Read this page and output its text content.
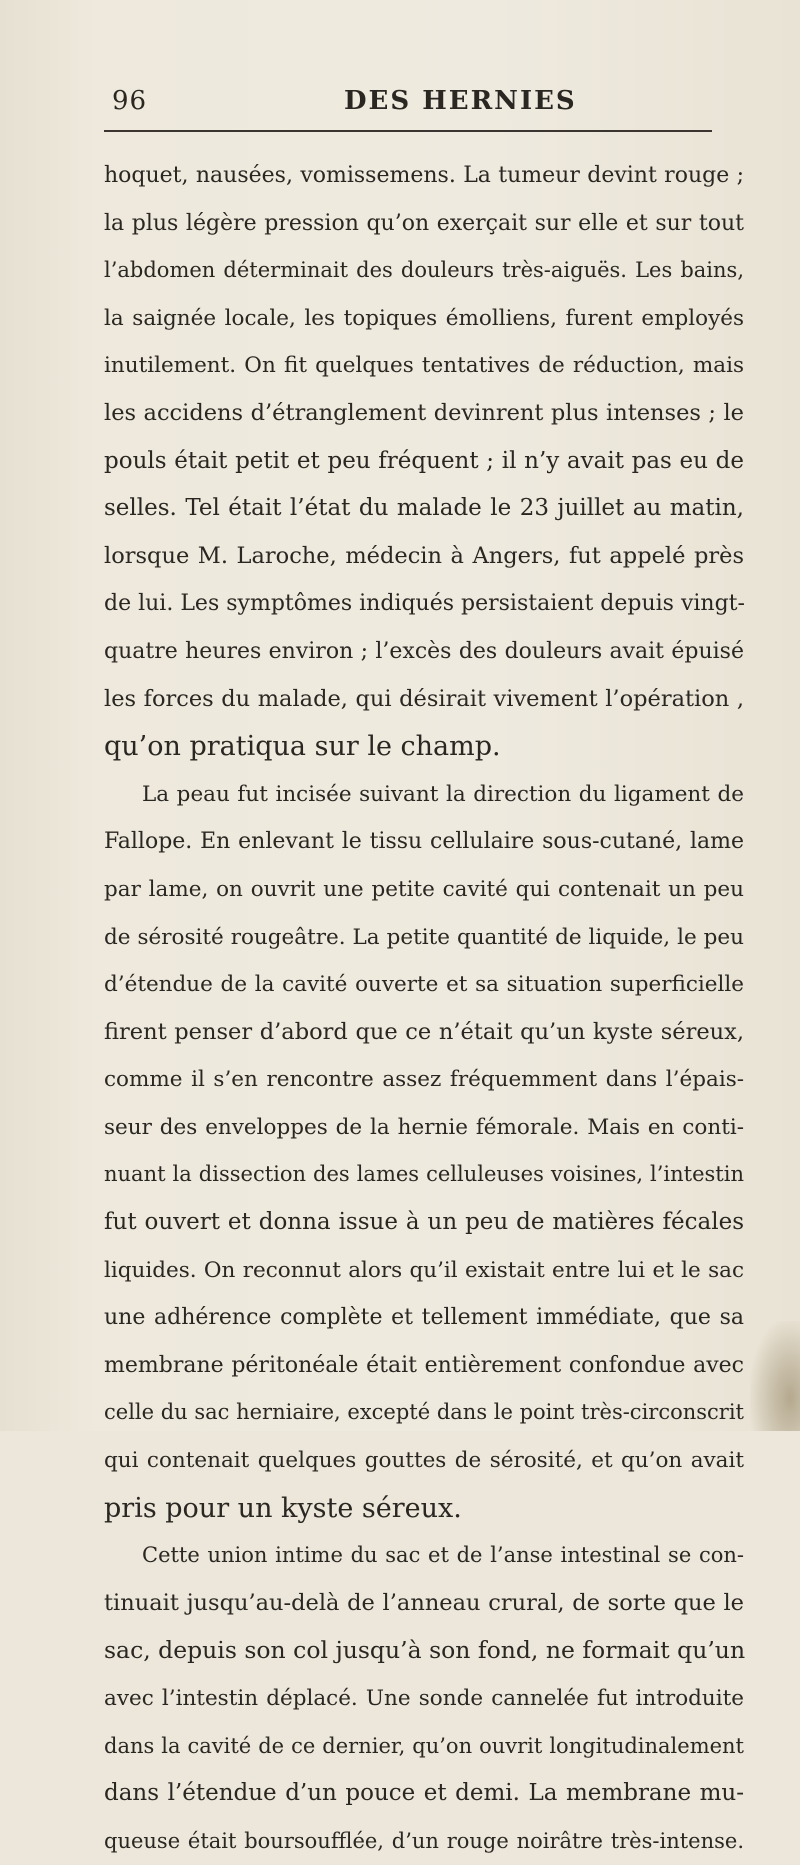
96	DES HERNIES
hoquet, nausées, vomissemens. La tumeur devint rouge ;
la plus légère pression qu’on exerçait sur elle et sur tout
l’abdomen déterminait des douleurs très-aiguës. Les bains,
la saignée locale, les topiques émolliens, furent employés
inutilement. On fit quelques tentatives de réduction, mais
les accidens d’étranglement devinrent plus intenses ; le
pouls était petit et peu fréquent ; il n’y avait pas eu de
selles. Tel était l’état du malade le 23 juillet au matin,
lorsque M. Laroche, médecin à Angers, fut appelé près
de lui. Les symptômes indiqués persistaient depuis vingt-
quatre heures environ ; l’excès des douleurs avait épuisé
les forces du malade, qui désirait vivement l’opération ,
qu’on pratiqua sur le champ.
La peau fut incisée suivant la direction du ligament de
Fallope. En enlevant le tissu cellulaire sous-cutané, lame
par lame, on ouvrit une petite cavité qui contenait un peu
de sérosité rougeâtre. La petite quantité de liquide, le peu
d’étendue de la cavité ouverte et sa situation superficielle
firent penser d’abord que ce n’était qu’un kyste séreux,
comme il s’en rencontre assez fréquemment dans l’épais-
seur des enveloppes de la hernie fémorale. Mais en conti-
nuant la dissection des lames celluleuses voisines, l’intestin
fut ouvert et donna issue à un peu de matières fécales
liquides. On reconnut alors qu’il existait entre lui et le sac
une adhérence complète et tellement immédiate, que sa
membrane péritonéale était entièrement confondue avec
celle du sac herniaire, excepté dans le point très-circonscrit
qui contenait quelques gouttes de sérosité, et qu’on avait
pris pour un kyste séreux.
Cette union intime du sac et de l’anse intestinal se con-
tinuait jusqu’au-delà de l’anneau crural, de sorte que le
sac, depuis son col jusqu’à son fond, ne formait qu’un
avec l’intestin déplacé. Une sonde cannelée fut introduite
dans la cavité de ce dernier, qu’on ouvrit longitudinalement
dans l’étendue d’un pouce et demi. La membrane mu-
queuse était boursoufflée, d’un rouge noirâtre très-intense.
